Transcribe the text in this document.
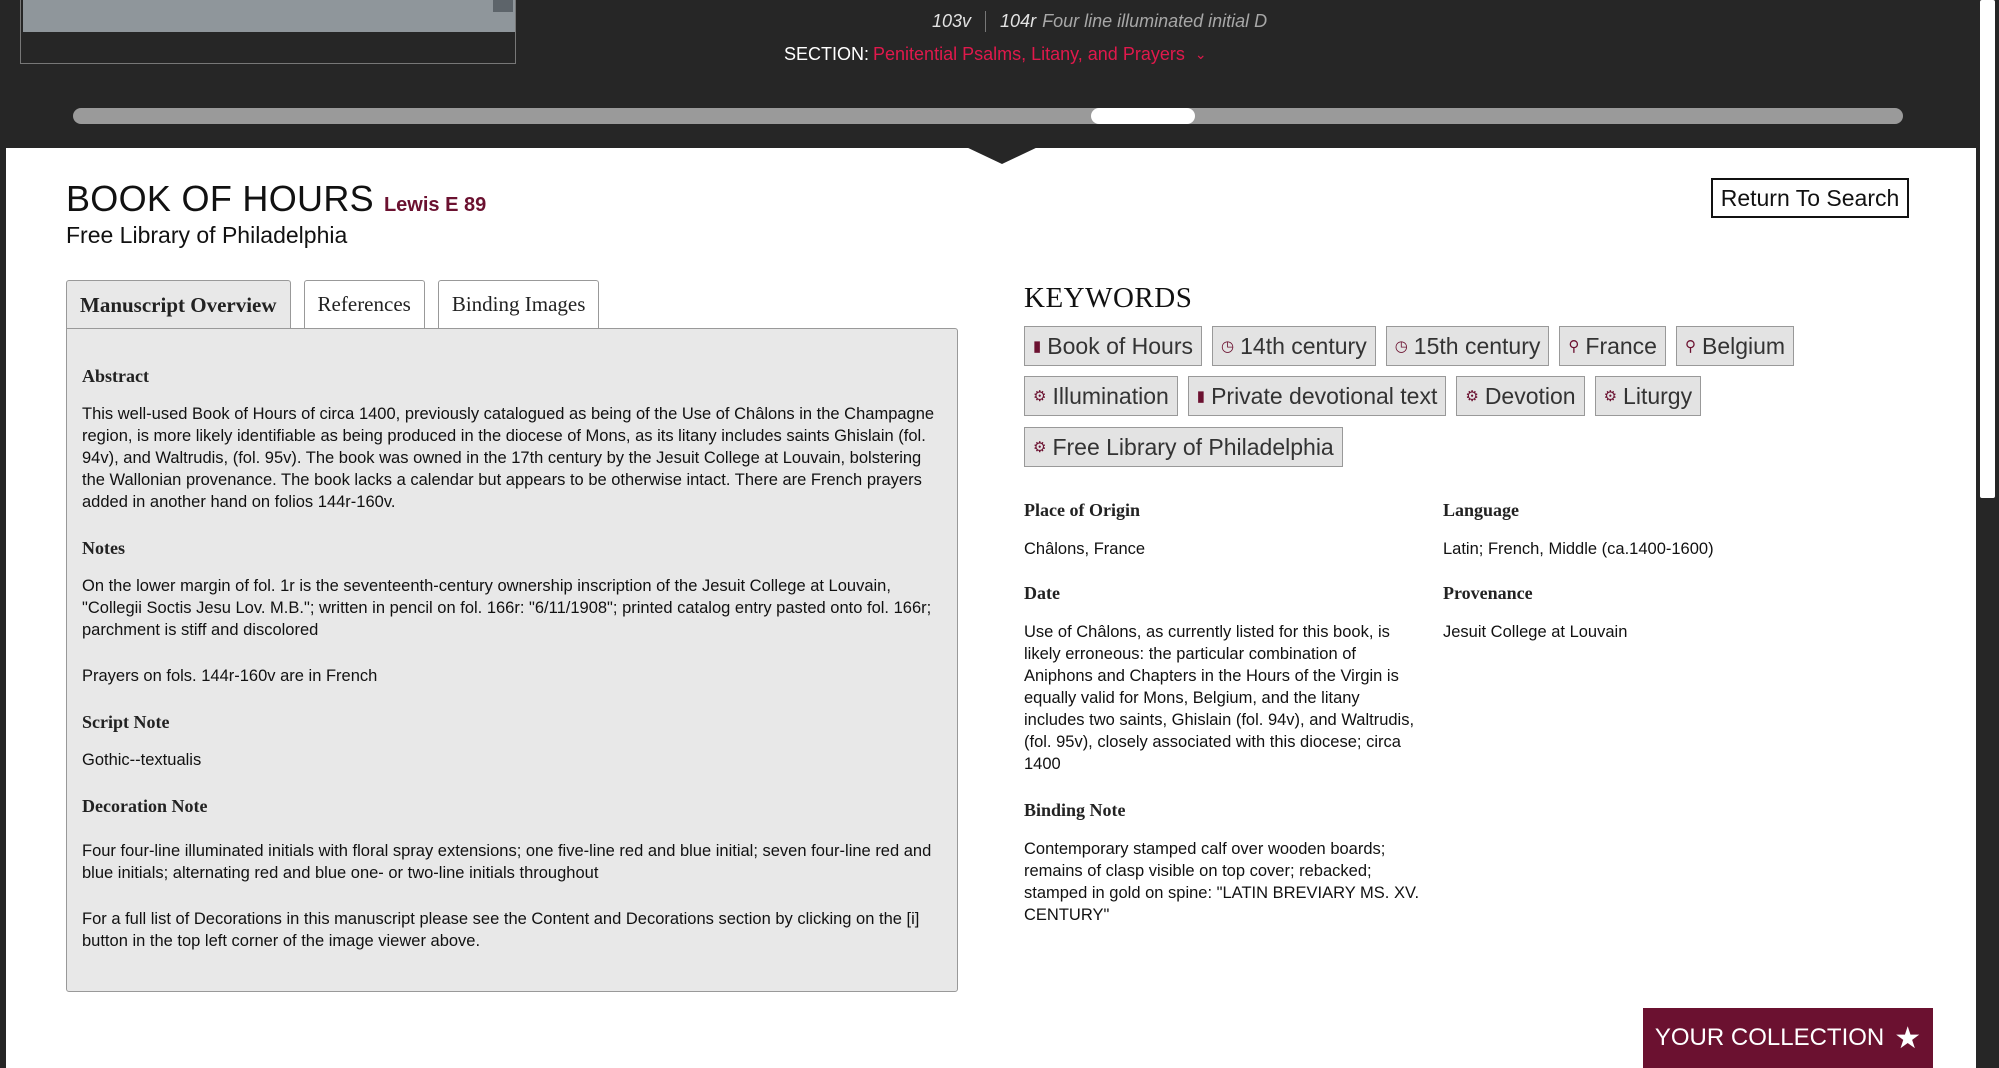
103v	104r Four line illuminated initial D
SECTION: Penitential Psalms, Litany, and Prayers ⌄
BOOK OF HOURS Lewis E 89
Free Library of Philadelphia
Return To Search
Manuscript Overview	References	Binding Images
Abstract

This well-used Book of Hours of circa 1400, previously catalogued as being of the Use of Châlons in the Champagne region, is more likely identifiable as being produced in the diocese of Mons, as its litany includes saints Ghislain (fol. 94v), and Waltrudis, (fol. 95v). The book was owned in the 17th century by the Jesuit College at Louvain, bolstering the Wallonian provenance. The book lacks a calendar but appears to be otherwise intact. There are French prayers added in another hand on folios 144r-160v.

Notes

On the lower margin of fol. 1r is the seventeenth-century ownership inscription of the Jesuit College at Louvain, "Collegii Soctis Jesu Lov. M.B."; written in pencil on fol. 166r: "6/11/1908"; printed catalog entry pasted onto fol. 166r; parchment is stiff and discolored

Prayers on fols. 144r-160v are in French

Script Note

Gothic--textualis

Decoration Note

Four four-line illuminated initials with floral spray extensions; one five-line red and blue initial; seven four-line red and blue initials; alternating red and blue one- or two-line initials throughout

For a full list of Decorations in this manuscript please see the Content and Decorations section by clicking on the [i] button in the top left corner of the image viewer above.

KEYWORDS
▮ Book of Hours ◷ 14th century ◷ 15th century ⚲ France ⚲ Belgium
⚙ Illumination ▮ Private devotional text ⚙ Devotion ⚙ Liturgy
⚙ Free Library of Philadelphia
Place of Origin
Châlons, France
Language
Latin; French, Middle (ca.1400-1600)
Date
Use of Châlons, as currently listed for this book, is likely erroneous: the particular combination of Aniphons and Chapters in the Hours of the Virgin is equally valid for Mons, Belgium, and the litany includes two saints, Ghislain (fol. 94v), and Waltrudis, (fol. 95v), closely associated with this diocese; circa 1400
Provenance
Jesuit College at Louvain
Binding Note
Contemporary stamped calf over wooden boards; remains of clasp visible on top cover; rebacked; stamped in gold on spine: "LATIN BREVIARY MS. XV. CENTURY"
YOUR COLLECTION ★
